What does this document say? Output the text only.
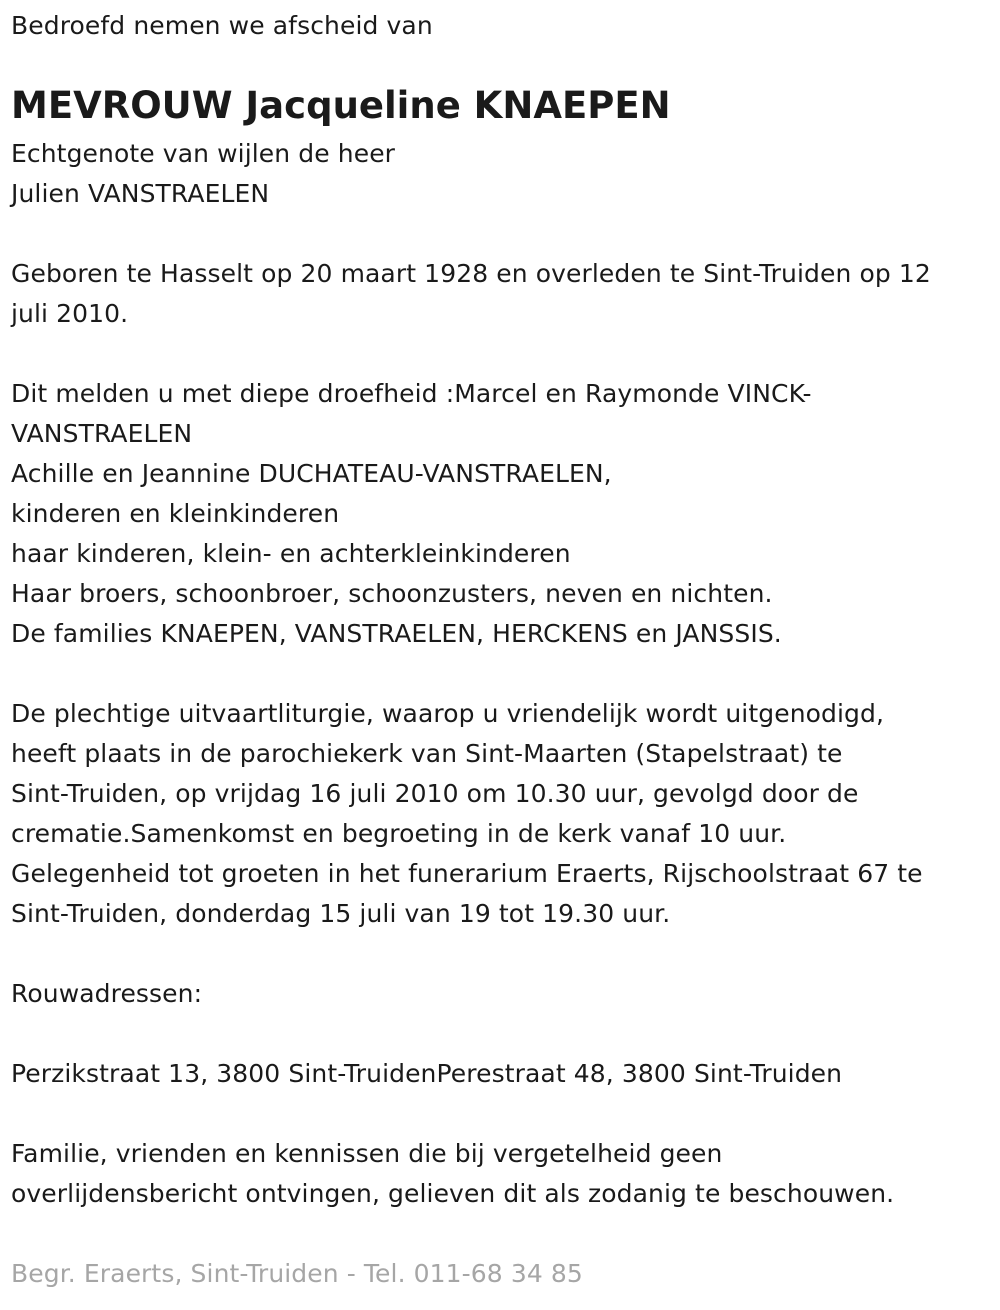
Bedroefd nemen we afscheid van
MEVROUW Jacqueline KNAEPEN
Echtgenote van wijlen de heer
Julien VANSTRAELEN
Geboren te Hasselt op 20 maart 1928 en overleden te Sint-Truiden op 12
juli 2010.
Dit melden u met diepe droefheid :Marcel en Raymonde VINCK-
VANSTRAELEN
Achille en Jeannine DUCHATEAU-VANSTRAELEN,
kinderen en kleinkinderen
haar kinderen, klein- en achterkleinkinderen
Haar broers, schoonbroer, schoonzusters, neven en nichten.
De families KNAEPEN, VANSTRAELEN, HERCKENS en JANSSIS.
De plechtige uitvaartliturgie, waarop u vriendelijk wordt uitgenodigd,
heeft plaats in de parochiekerk van Sint-Maarten (Stapelstraat) te
Sint-Truiden, op vrijdag 16 juli 2010 om 10.30 uur, gevolgd door de
crematie.Samenkomst en begroeting in de kerk vanaf 10 uur.
Gelegenheid tot groeten in het funerarium Eraerts, Rijschoolstraat 67 te
Sint-Truiden, donderdag 15 juli van 19 tot 19.30 uur.
Rouwadressen:
Perzikstraat 13, 3800 Sint-TruidenPerestraat 48, 3800 Sint-Truiden
Familie, vrienden en kennissen die bij vergetelheid geen
overlijdensbericht ontvingen, gelieven dit als zodanig te beschouwen.
Begr. Eraerts, Sint-Truiden - Tel. 011-68 34 85
